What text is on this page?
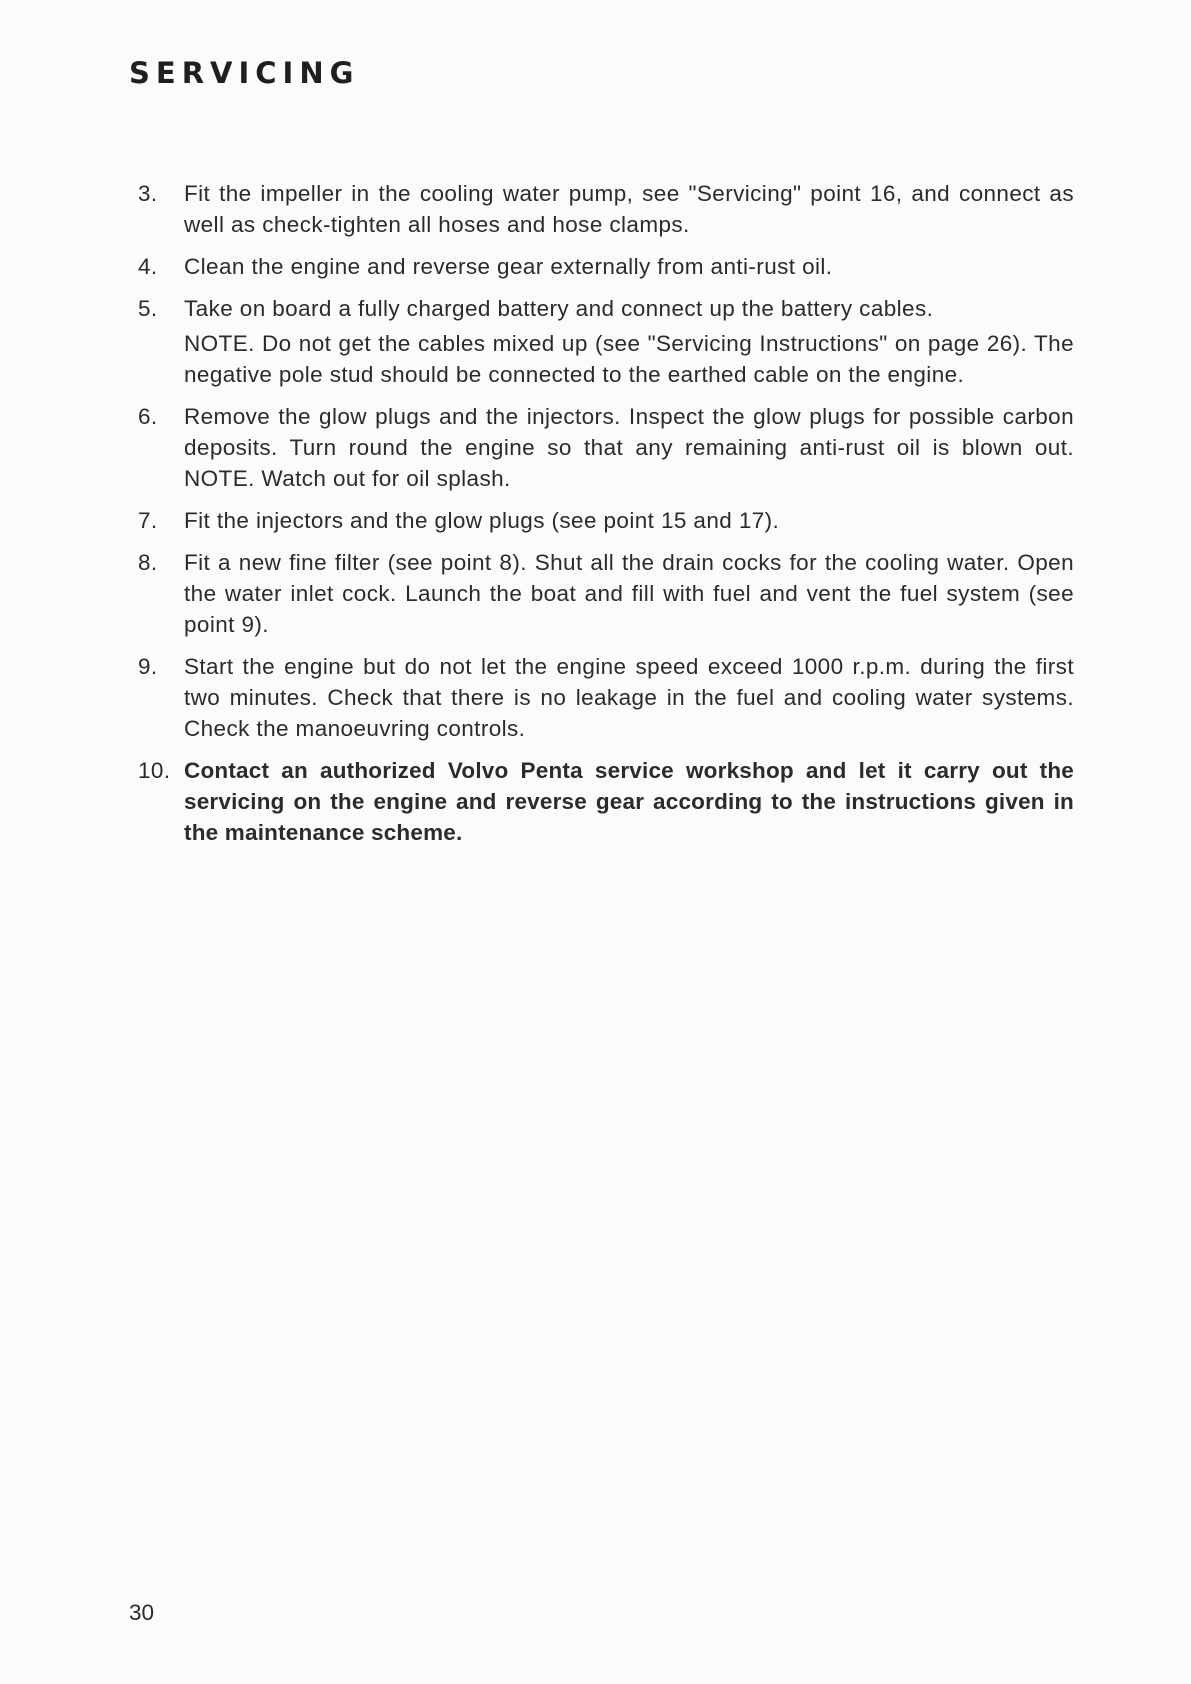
SERVICING
3.	Fit the impeller in the cooling water pump, see "Servicing" point 16, and connect as well as check-tighten all hoses and hose clamps.

4.	Clean the engine and reverse gear externally from anti-rust oil.

5.	Take on board a fully charged battery and connect up the battery cables.

NOTE. Do not get the cables mixed up (see "Servicing Instructions" on page 26). The negative pole stud should be connected to the earthed cable on the engine.

6.	Remove the glow plugs and the injectors. Inspect the glow plugs for possible carbon deposits. Turn round the engine so that any remaining anti-rust oil is blown out. NOTE. Watch out for oil splash.

7.	Fit the injectors and the glow plugs (see point 15 and 17).

8.	Fit a new fine filter (see point 8). Shut all the drain cocks for the cooling water. Open the water inlet cock. Launch the boat and fill with fuel and vent the fuel system (see point 9).

9.	Start the engine but do not let the engine speed exceed 1000 r.p.m. during the first two minutes. Check that there is no leakage in the fuel and cooling water systems. Check the manoeuvring controls.

10. Contact an authorized Volvo Penta service workshop and let it carry out the servicing on the engine and reverse gear according to the instructions given in the maintenance scheme.

30
